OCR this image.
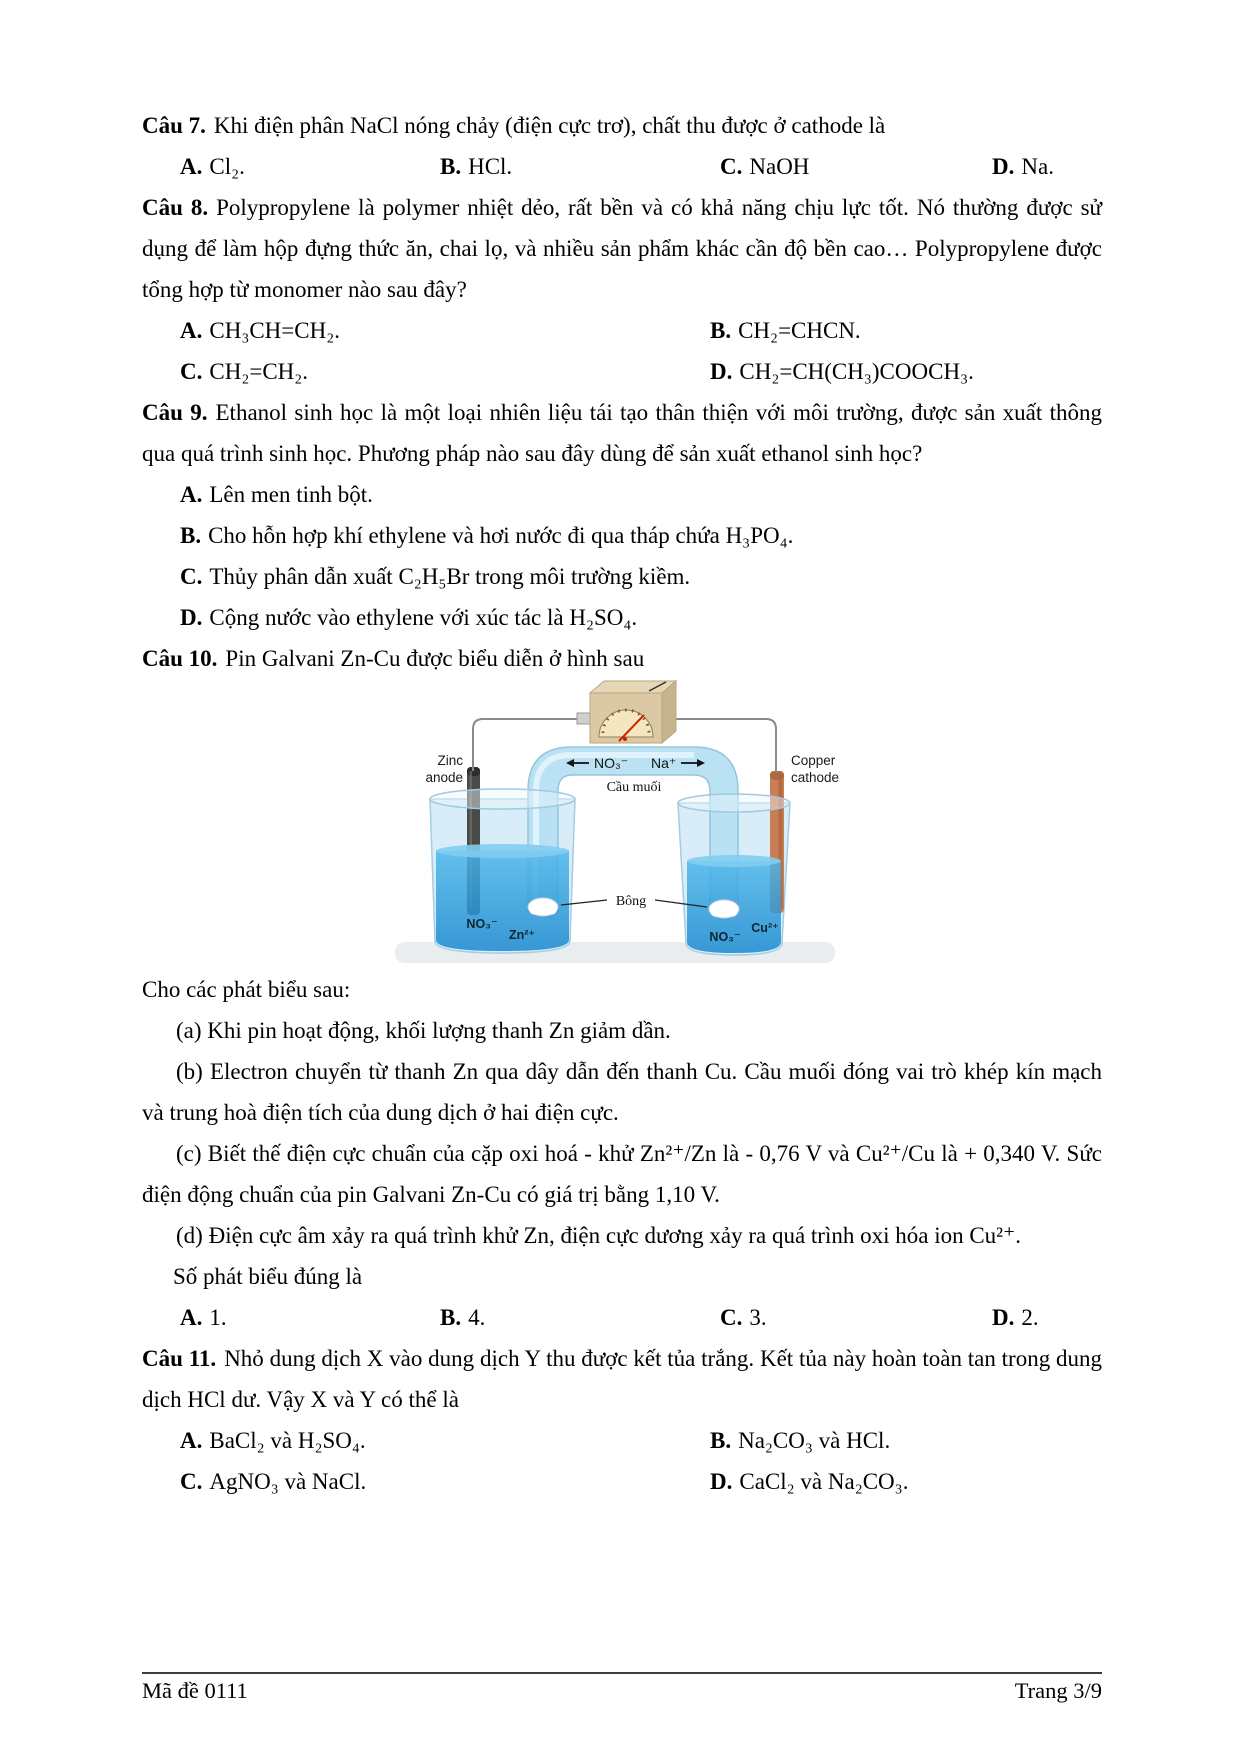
Câu 7. Khi điện phân NaCl nóng chảy (điện cực trơ), chất thu được ở cathode là

A. Cl₂.	B. HCl.	C. NaOH	D. Na.

Câu 8. Polypropylene là polymer nhiệt dẻo, rất bền và có khả năng chịu lực tốt. Nó thường được sử dụng để làm hộp đựng thức ăn, chai lọ, và nhiều sản phẩm khác cần độ bền cao… Polypropylene được tổng hợp từ monomer nào sau đây?

A. CH₃CH=CH₂.	B. CH₂=CHCN.
C. CH₂=CH₂.	D. CH₂=CH(CH₃)COOCH₃.

Câu 9. Ethanol sinh học là một loại nhiên liệu tái tạo thân thiện với môi trường, được sản xuất thông qua quá trình sinh học. Phương pháp nào sau đây dùng để sản xuất ethanol sinh học?

A. Lên men tinh bột.

B. Cho hỗn hợp khí ethylene và hơi nước đi qua tháp chứa H₃PO₄.

C. Thủy phân dẫn xuất C₂H₅Br trong môi trường kiềm.

D. Cộng nước vào ethylene với xúc tác là H₂SO₄.

Câu 10. Pin Galvani Zn-Cu được biểu diễn ở hình sau

NO₃⁻ Na⁺
Cầu muối
Zinc
anode
Copper
cathode
Bông
NO₃⁻
Zn²⁺	NO₃⁻
Cu²⁺

Cho các phát biểu sau:

(a) Khi pin hoạt động, khối lượng thanh Zn giảm dần.

(b) Electron chuyển từ thanh Zn qua dây dẫn đến thanh Cu. Cầu muối đóng vai trò khép kín mạch và trung hoà điện tích của dung dịch ở hai điện cực.

(c) Biết thế điện cực chuẩn của cặp oxi hoá - khử Zn²⁺/Zn là - 0,76 V và Cu²⁺/Cu là + 0,340 V. Sức điện động chuẩn của pin Galvani Zn-Cu có giá trị bằng 1,10 V.

(d) Điện cực âm xảy ra quá trình khử Zn, điện cực dương xảy ra quá trình oxi hóa ion Cu²⁺.

Số phát biểu đúng là

A. 1.	B. 4.	C. 3.	D. 2.

Câu 11. Nhỏ dung dịch X vào dung dịch Y thu được kết tủa trắng. Kết tủa này hoàn toàn tan trong dung dịch HCl dư. Vậy X và Y có thể là

A. BaCl₂ và H₂SO₄.	B. Na₂CO₃ và HCl.
C. AgNO₃ và NaCl.	D. CaCl₂ và Na₂CO₃.
Mã đề 0111	Trang 3/9
